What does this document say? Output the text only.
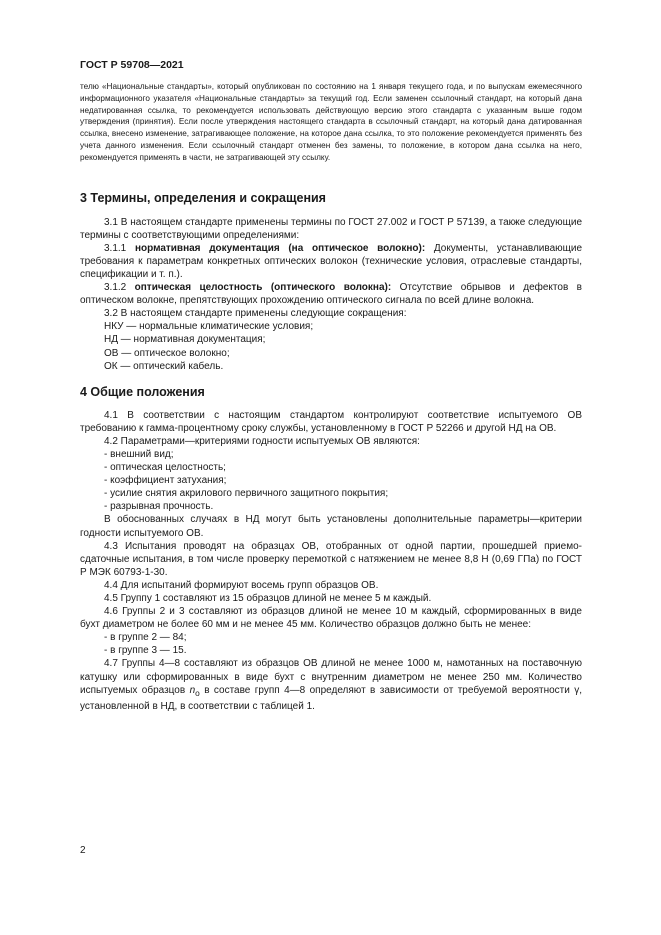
ГОСТ Р 59708—2021

телю «Национальные стандарты», который опубликован по состоянию на 1 января текущего года, и по выпускам ежемесячного информационного указателя «Национальные стандарты» за текущий год. Если заменен ссылочный стандарт, на который дана недатированная ссылка, то рекомендуется использовать действующую версию этого стандарта с указанным выше годом утверждения (принятия). Если после утверждения настоящего стандарта в ссылочный стандарт, на который дана датированная ссылка, внесено изменение, затрагивающее положение, на которое дана ссылка, то это положение рекомендуется применять без учета данного изменения. Если ссылочный стандарт отменен без замены, то положение, в котором дана ссылка на него, рекомендуется применять в части, не затрагивающей эту ссылку.

3 Термины, определения и сокращения

3.1 В настоящем стандарте применены термины по ГОСТ 27.002 и ГОСТ Р 57139, а также следующие термины с соответствующими определениями:

3.1.1 нормативная документация (на оптическое волокно): Документы, устанавливающие требования к параметрам конкретных оптических волокон (технические условия, отраслевые стандарты, спецификации и т. п.).

3.1.2 оптическая целостность (оптического волокна): Отсутствие обрывов и дефектов в оптическом волокне, препятствующих прохождению оптического сигнала по всей длине волокна.

3.2 В настоящем стандарте применены следующие сокращения:

НКУ — нормальные климатические условия;

НД — нормативная документация;

ОВ — оптическое волокно;

ОК — оптический кабель.

4 Общие положения

4.1 В соответствии с настоящим стандартом контролируют соответствие испытуемого ОВ требованию к гамма-процентному сроку службы, установленному в ГОСТ Р 52266 и другой НД на ОВ.

4.2 Параметрами—критериями годности испытуемых ОВ являются:

- внешний вид;

- оптическая целостность;

- коэффициент затухания;

- усилие снятия акрилового первичного защитного покрытия;

- разрывная прочность.

В обоснованных случаях в НД могут быть установлены дополнительные параметры—критерии годности испытуемого ОВ.

4.3 Испытания проводят на образцах ОВ, отобранных от одной партии, прошедшей приемо-сдаточные испытания, в том числе проверку перемоткой с натяжением не менее 8,8 Н (0,69 ГПа) по ГОСТ Р МЭК 60793-1-30.

4.4 Для испытаний формируют восемь групп образцов ОВ.

4.5 Группу 1 составляют из 15 образцов длиной не менее 5 м каждый.

4.6 Группы 2 и 3 составляют из образцов длиной не менее 10 м каждый, сформированных в виде бухт диаметром не более 60 мм и не менее 45 мм. Количество образцов должно быть не менее:

- в группе 2 — 84;

- в группе 3 — 15.

4.7 Группы 4—8 составляют из образцов ОВ длиной не менее 1000 м, намотанных на поставочную катушку или сформированных в виде бухт с внутренним диаметром не менее 250 мм. Количество испытуемых образцов $n_o$ в составе групп 4—8 определяют в зависимости от требуемой вероятности γ, установленной в НД, в соответствии с таблицей 1.

2
